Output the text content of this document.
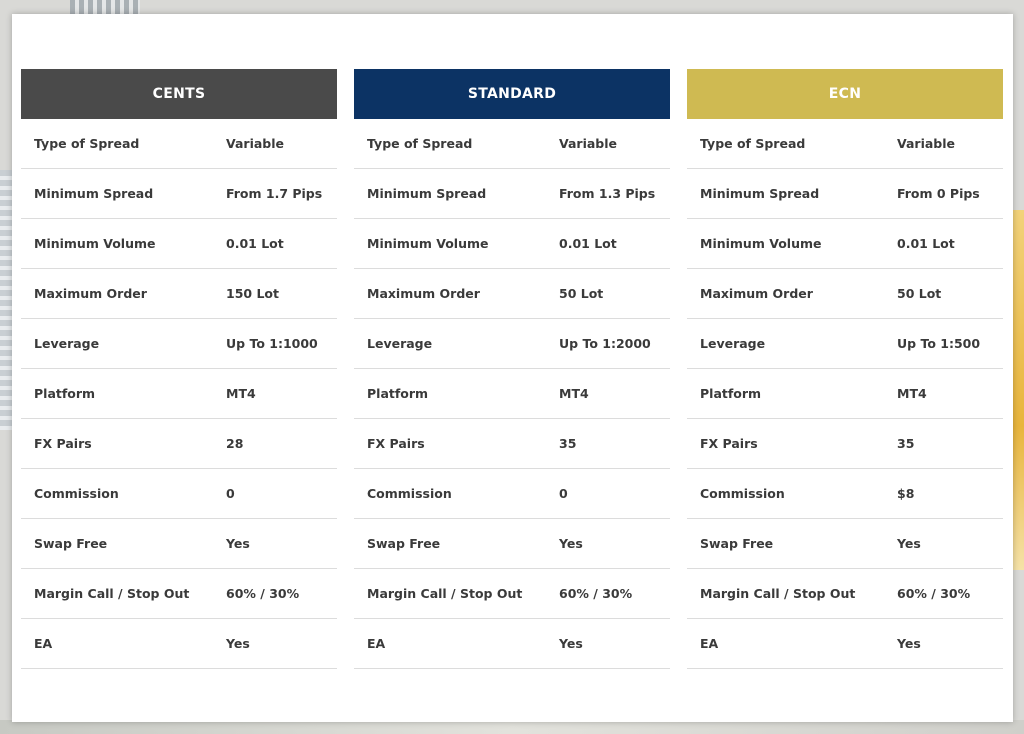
CENTS
Type of Spread	Variable
Minimum Spread	From 1.7 Pips
Minimum Volume	0.01 Lot
Maximum Order	150 Lot
Leverage	Up To 1:1000
Platform	MT4
FX Pairs	28
Commission	0
Swap Free	Yes
Margin Call / Stop Out	60% / 30%
EA	Yes
STANDARD
Type of Spread	Variable
Minimum Spread	From 1.3 Pips
Minimum Volume	0.01 Lot
Maximum Order	50 Lot
Leverage	Up To 1:2000
Platform	MT4
FX Pairs	35
Commission	0
Swap Free	Yes
Margin Call / Stop Out	60% / 30%
EA	Yes
ECN
Type of Spread	Variable
Minimum Spread	From 0 Pips
Minimum Volume	0.01 Lot
Maximum Order	50 Lot
Leverage	Up To 1:500
Platform	MT4
FX Pairs	35
Commission	$8
Swap Free	Yes
Margin Call / Stop Out	60% / 30%
EA	Yes
